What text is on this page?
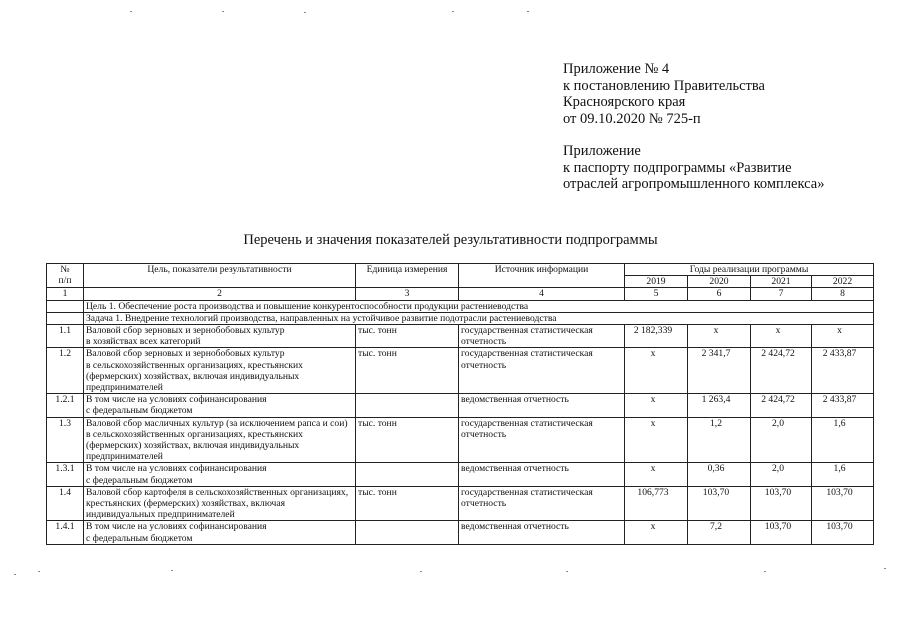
Приложение № 4
к постановлению Правительства
Красноярского края
от 09.10.2020 № 725-п
Приложение
к паспорту подпрограммы «Развитие
отраслей агропромышленного комплекса»
Перечень и значения показателей результативности подпрограммы
№
п/п	Цель, показатели результативности	Единица измерения	Источник информации	Годы реализации программы			
				2019	2020	2021	2022
1	2	3	4	5	6	7	8
	Цель 1. Обеспечение роста производства и повышение конкурентоспособности продукции растениеводства						
	Задача 1. Внедрение технологий производства, направленных на устойчивое развитие подотрасли растениеводства						
1.1	Валовой сбор зерновых и зернобобовых культур
в хозяйствах всех категорий	тыс. тонн	государственная статистическая отчетность	2 182,339	х	х	х
1.2	Валовой сбор зерновых и зернобобовых культур
в сельскохозяйственных организациях, крестьянских (фермерских) хозяйствах, включая индивидуальных предпринимателей	тыс. тонн	государственная статистическая отчетность	х	2 341,7	2 424,72	2 433,87
1.2.1	В том числе на условиях софинансирования
с федеральным бюджетом		ведомственная отчетность	х	1 263,4	2 424,72	2 433,87
1.3	Валовой сбор масличных культур (за исключением рапса и сои) в сельскохозяйственных организациях, крестьянских (фермерских) хозяйствах, включая индивидуальных предпринимателей	тыс. тонн	государственная статистическая отчетность	х	1,2	2,0	1,6
1.3.1	В том числе на условиях софинансирования
с федеральным бюджетом		ведомственная отчетность	х	0,36	2,0	1,6
1.4	Валовой сбор картофеля в сельскохозяйственных организациях, крестьянских (фермерских) хозяйствах, включая индивидуальных предпринимателей	тыс. тонн	государственная статистическая отчетность	106,773	103,70	103,70	103,70
1.4.1	В том числе на условиях софинансирования
с федеральным бюджетом		ведомственная отчетность	х	7,2	103,70	103,70
